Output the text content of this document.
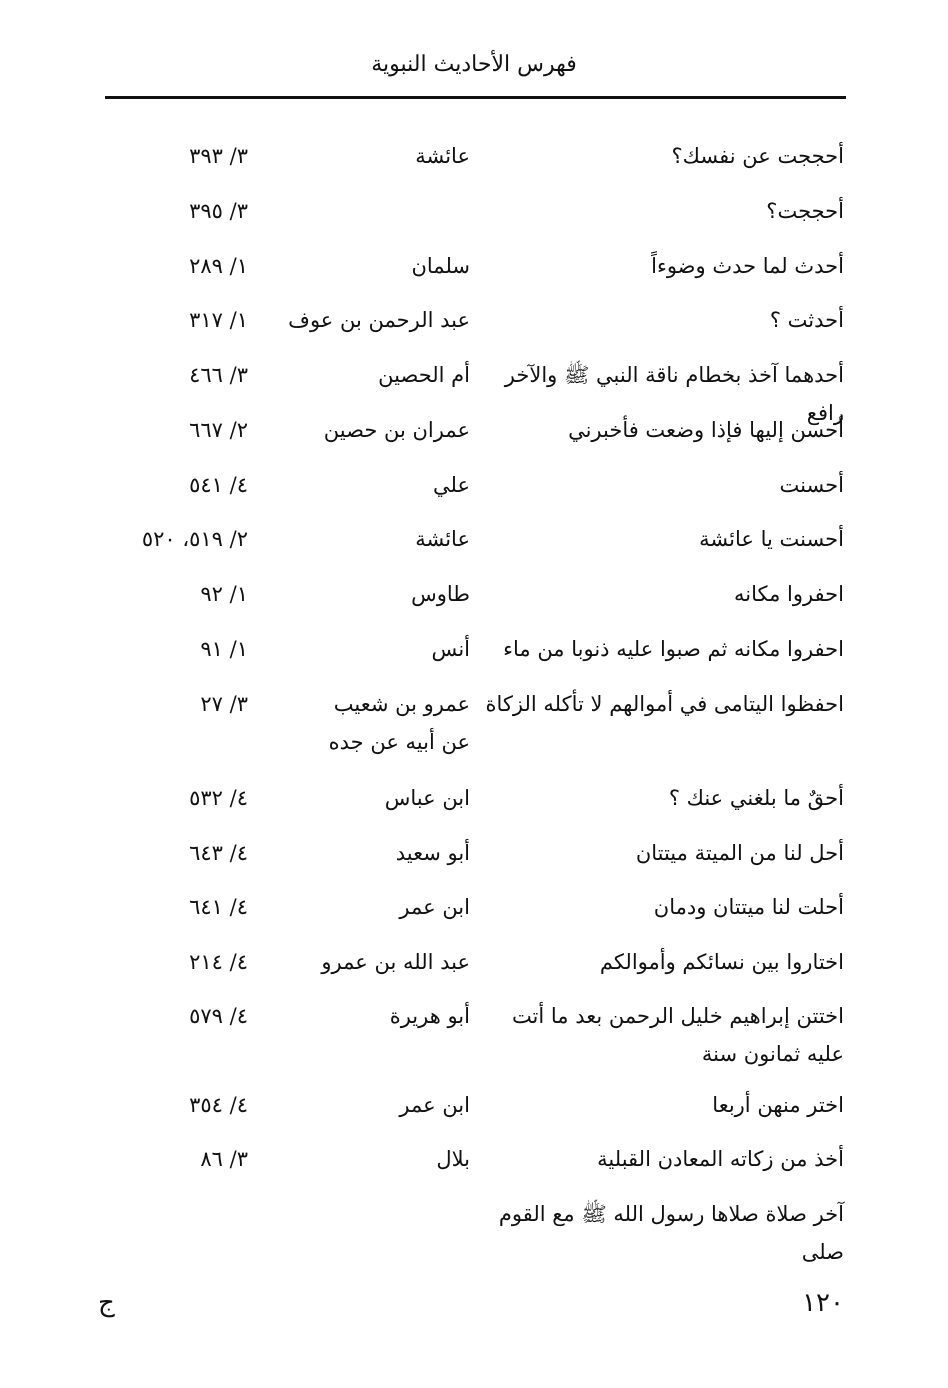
فهرس الأحاديث النبوية
أحججت عن نفسك؟
عائشة
٣/ ٣٩٣
أحججت؟
٣/ ٣٩٥
أحدث لما حدث وضوءاً
سلمان
١/ ٢٨٩
أحدثت ؟
عبد الرحمن بن عوف
١/ ٣١٧
أحدهما آخذ بخطام ناقة النبي ﷺ والآخر رافع
أم الحصين
٣/ ٤٦٦
أحسن إليها فإذا وضعت فأخبرني
عمران بن حصين
٢/ ٦٦٧
أحسنت
علي
٤/ ٥٤١
أحسنت يا عائشة
عائشة
٢/ ٥١٩، ٥٢٠
احفروا مكانه
طاوس
١/ ٩٢
احفروا مكانه ثم صبوا عليه ذنوبا من ماء
أنس
١/ ٩١
احفظوا اليتامى في أموالهم لا تأكله الزكاة
عمرو بن شعيب عن أبيه عن جده
٣/ ٢٧
أحقٌ ما بلغني عنك ؟
ابن عباس
٤/ ٥٣٢
أحل لنا من الميتة ميتتان
أبو سعيد
٤/ ٦٤٣
أحلت لنا ميتتان ودمان
ابن عمر
٤/ ٦٤١
اختاروا بين نسائكم وأموالكم
عبد الله بن عمرو
٤/ ٢١٤
اختتن إبراهيم خليل الرحمن بعد ما أتت عليه ثمانون سنة
أبو هريرة
٤/ ٥٧٩
اختر منهن أربعا
ابن عمر
٤/ ٣٥٤
أخذ من زكاته المعادن القبلية
بلال
٣/ ٨٦
آخر صلاة صلاها رسول الله ﷺ مع القوم صلى
١٢٠
ج
